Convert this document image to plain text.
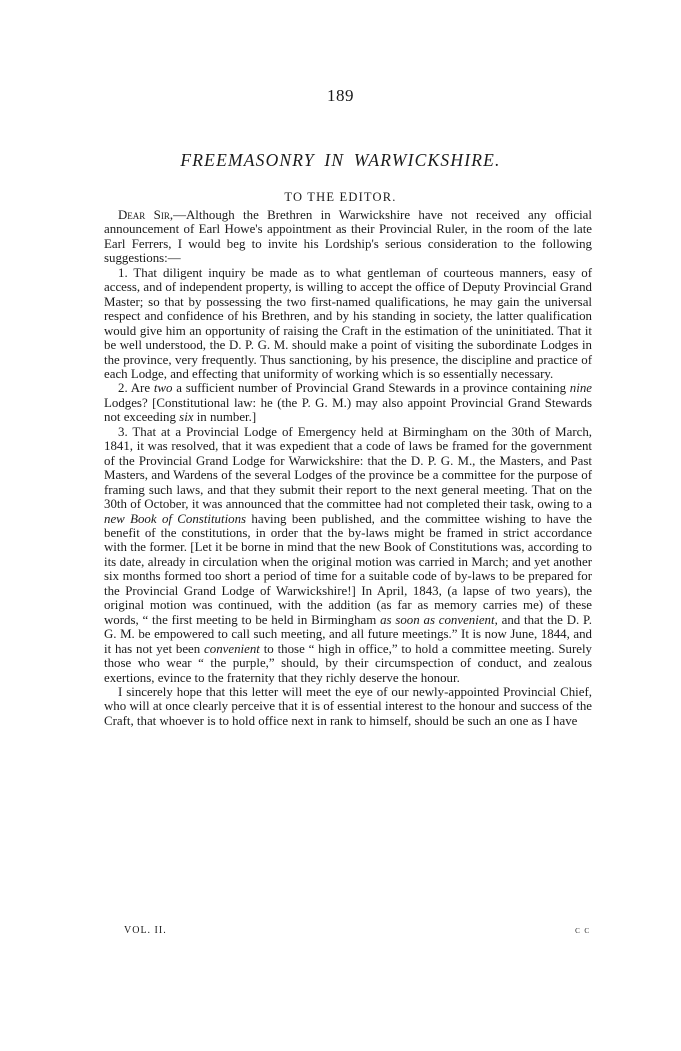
189
FREEMASONRY IN WARWICKSHIRE.
TO THE EDITOR.

Dear Sir,—Although the Brethren in Warwickshire have not received any official announcement of Earl Howe's appointment as their Provincial Ruler, in the room of the late Earl Ferrers, I would beg to invite his Lordship's serious consideration to the following suggestions:—

1. That diligent inquiry be made as to what gentleman of courteous manners, easy of access, and of independent property, is willing to accept the office of Deputy Provincial Grand Master; so that by possessing the two first-named qualifications, he may gain the universal respect and confidence of his Brethren, and by his standing in society, the latter qualification would give him an opportunity of raising the Craft in the estimation of the uninitiated. That it be well understood, the D. P. G. M. should make a point of visiting the subordinate Lodges in the province, very frequently. Thus sanctioning, by his presence, the discipline and practice of each Lodge, and effecting that uniformity of working which is so essentially necessary.

2. Are two a sufficient number of Provincial Grand Stewards in a province containing nine Lodges? [Constitutional law: he (the P. G. M.) may also appoint Provincial Grand Stewards not exceeding six in number.]

3. That at a Provincial Lodge of Emergency held at Birmingham on the 30th of March, 1841, it was resolved, that it was expedient that a code of laws be framed for the government of the Provincial Grand Lodge for Warwickshire: that the D. P. G. M., the Masters, and Past Masters, and Wardens of the several Lodges of the province be a committee for the purpose of framing such laws, and that they submit their report to the next general meeting. That on the 30th of October, it was announced that the committee had not completed their task, owing to a new Book of Constitutions having been published, and the committee wishing to have the benefit of the constitutions, in order that the by-laws might be framed in strict accordance with the former. [Let it be borne in mind that the new Book of Constitutions was, according to its date, already in circulation when the original motion was carried in March; and yet another six months formed too short a period of time for a suitable code of by-laws to be prepared for the Provincial Grand Lodge of Warwickshire!] In April, 1843, (a lapse of two years), the original motion was continued, with the addition (as far as memory carries me) of these words, “ the first meeting to be held in Birmingham as soon as convenient, and that the D. P. G. M. be empowered to call such meeting, and all future meetings.” It is now June, 1844, and it has not yet been convenient to those “ high in office,” to hold a committee meeting. Surely those who wear “ the purple,” should, by their circumspection of conduct, and zealous exertions, evince to the fraternity that they richly deserve the honour.

I sincerely hope that this letter will meet the eye of our newly-appointed Provincial Chief, who will at once clearly perceive that it is of essential interest to the honour and success of the Craft, that whoever is to hold office next in rank to himself, should be such an one as I have

VOL. II.	c c
